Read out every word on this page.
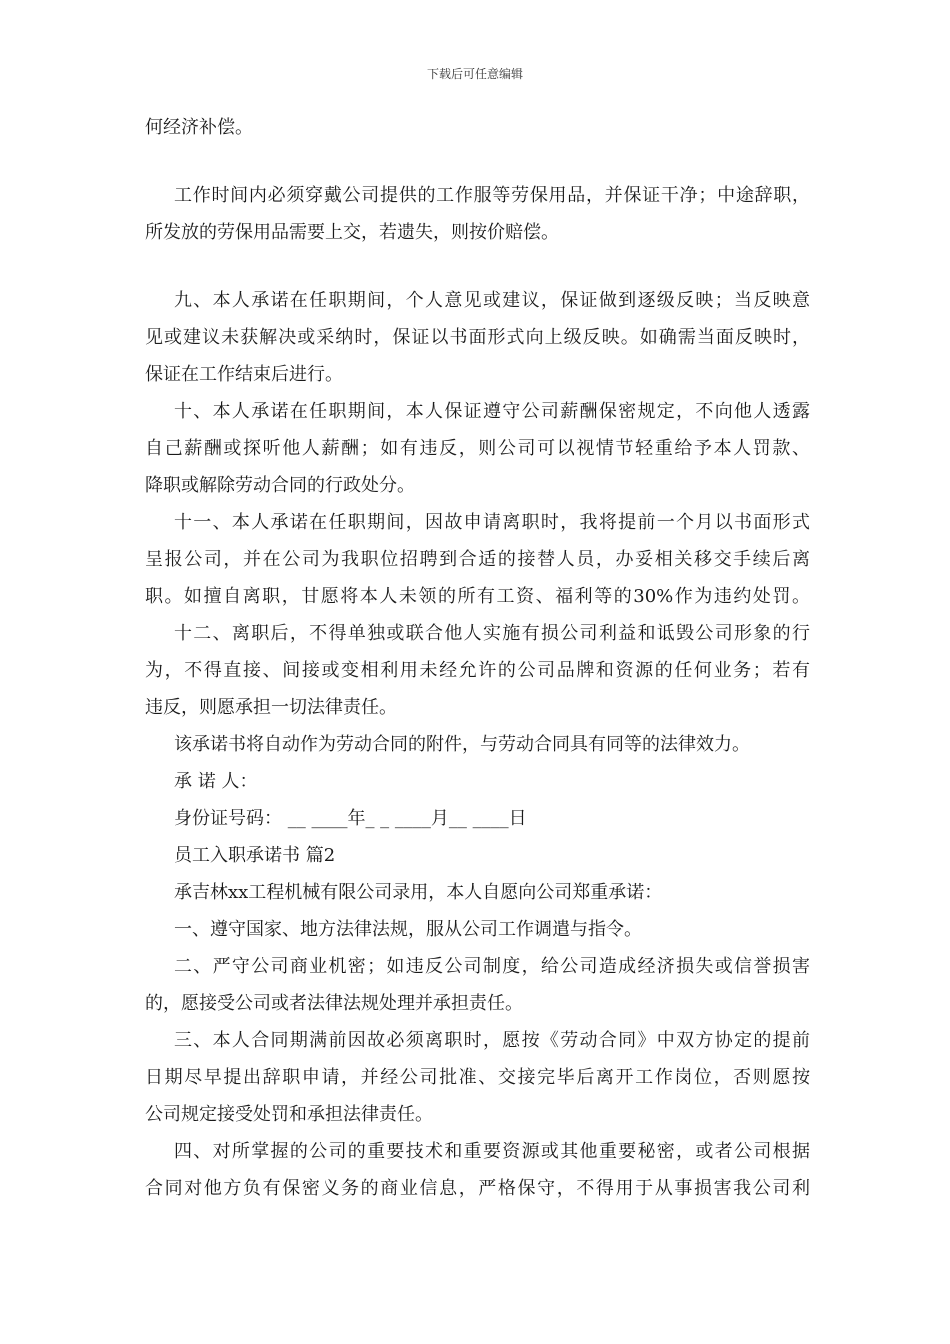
下载后可任意编辑
何经济补偿。
工作时间内必须穿戴公司提供的工作服等劳保用品，并保证干净；中途辞职，
所发放的劳保用品需要上交，若遗失，则按价赔偿。
九、本人承诺在任职期间，个人意见或建议，保证做到逐级反映；当反映意
见或建议未获解决或采纳时，保证以书面形式向上级反映。如确需当面反映时，
保证在工作结束后进行。
十、本人承诺在任职期间，本人保证遵守公司薪酬保密规定，不向他人透露
自己薪酬或探听他人薪酬；如有违反，则公司可以视情节轻重给予本人罚款、
降职或解除劳动合同的行政处分。
十一、本人承诺在任职期间，因故申请离职时，我将提前一个月以书面形式
呈报公司，并在公司为我职位招聘到合适的接替人员，办妥相关移交手续后离
职。如擅自离职，甘愿将本人未领的所有工资、福利等的30%作为违约处罚。
十二、离职后，不得单独或联合他人实施有损公司利益和诋毁公司形象的行
为，不得直接、间接或变相利用未经允许的公司品牌和资源的任何业务；若有
违反，则愿承担一切法律责任。
该承诺书将自动作为劳动合同的附件，与劳动合同具有同等的法律效力。
承 诺 人：
身份证号码： __ ____年_ _ ____月__ ____日
员工入职承诺书 篇2
承吉林xx工程机械有限公司录用，本人自愿向公司郑重承诺：
一、遵守国家、地方法律法规，服从公司工作调遣与指令。
二、严守公司商业机密；如违反公司制度，给公司造成经济损失或信誉损害
的，愿接受公司或者法律法规处理并承担责任。
三、本人合同期满前因故必须离职时，愿按《劳动合同》中双方协定的提前
日期尽早提出辞职申请，并经公司批准、交接完毕后离开工作岗位，否则愿按
公司规定接受处罚和承担法律责任。
四、对所掌握的公司的重要技术和重要资源或其他重要秘密，或者公司根据
合同对他方负有保密义务的商业信息，严格保守，不得用于从事损害我公司利
